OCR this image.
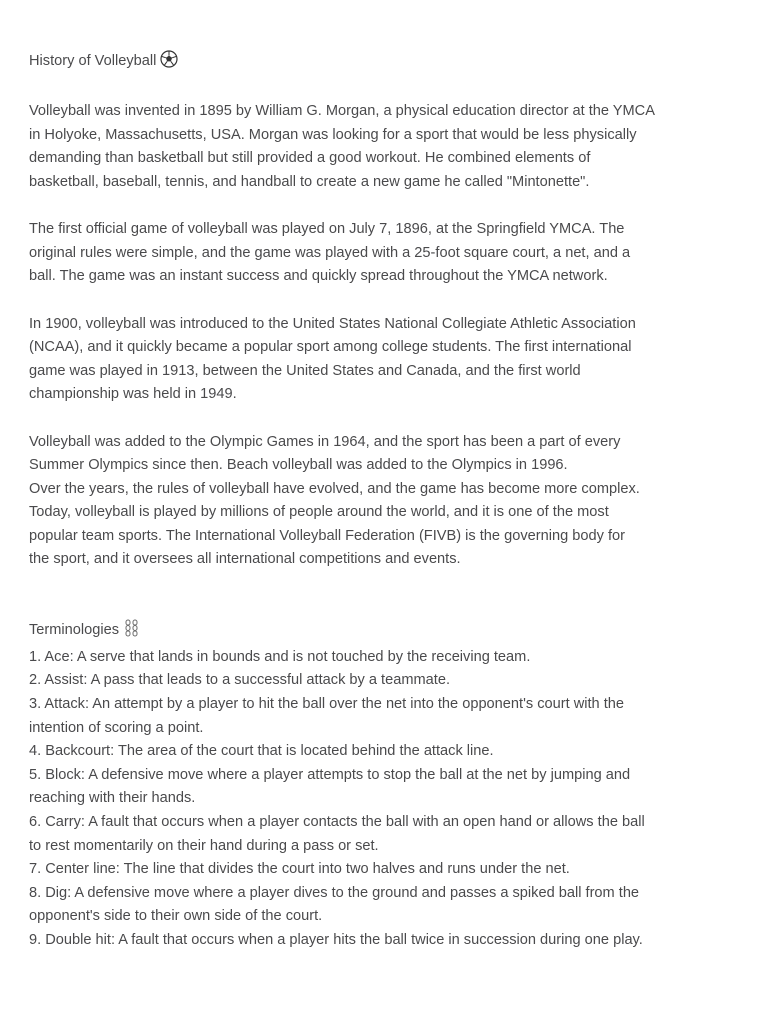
History of Volleyball
Volleyball was invented in 1895 by William G. Morgan, a physical education director at the YMCA
in Holyoke, Massachusetts, USA. Morgan was looking for a sport that would be less physically
demanding than basketball but still provided a good workout. He combined elements of
basketball, baseball, tennis, and handball to create a new game he called "Mintonette".
The first official game of volleyball was played on July 7, 1896, at the Springfield YMCA. The
original rules were simple, and the game was played with a 25-foot square court, a net, and a
ball. The game was an instant success and quickly spread throughout the YMCA network.
In 1900, volleyball was introduced to the United States National Collegiate Athletic Association
(NCAA), and it quickly became a popular sport among college students. The first international
game was played in 1913, between the United States and Canada, and the first world
championship was held in 1949.
Volleyball was added to the Olympic Games in 1964, and the sport has been a part of every
Summer Olympics since then. Beach volleyball was added to the Olympics in 1996.
Over the years, the rules of volleyball have evolved, and the game has become more complex.
Today, volleyball is played by millions of people around the world, and it is one of the most
popular team sports. The International Volleyball Federation (FIVB) is the governing body for
the sport, and it oversees all international competitions and events.
Terminologies
1. Ace: A serve that lands in bounds and is not touched by the receiving team.
2. Assist: A pass that leads to a successful attack by a teammate.
3. Attack: An attempt by a player to hit the ball over the net into the opponent's court with the
intention of scoring a point.
4. Backcourt: The area of the court that is located behind the attack line.
5. Block: A defensive move where a player attempts to stop the ball at the net by jumping and
reaching with their hands.
6. Carry: A fault that occurs when a player contacts the ball with an open hand or allows the ball
to rest momentarily on their hand during a pass or set.
7. Center line: The line that divides the court into two halves and runs under the net.
8. Dig: A defensive move where a player dives to the ground and passes a spiked ball from the
opponent's side to their own side of the court.
9. Double hit: A fault that occurs when a player hits the ball twice in succession during one play.
